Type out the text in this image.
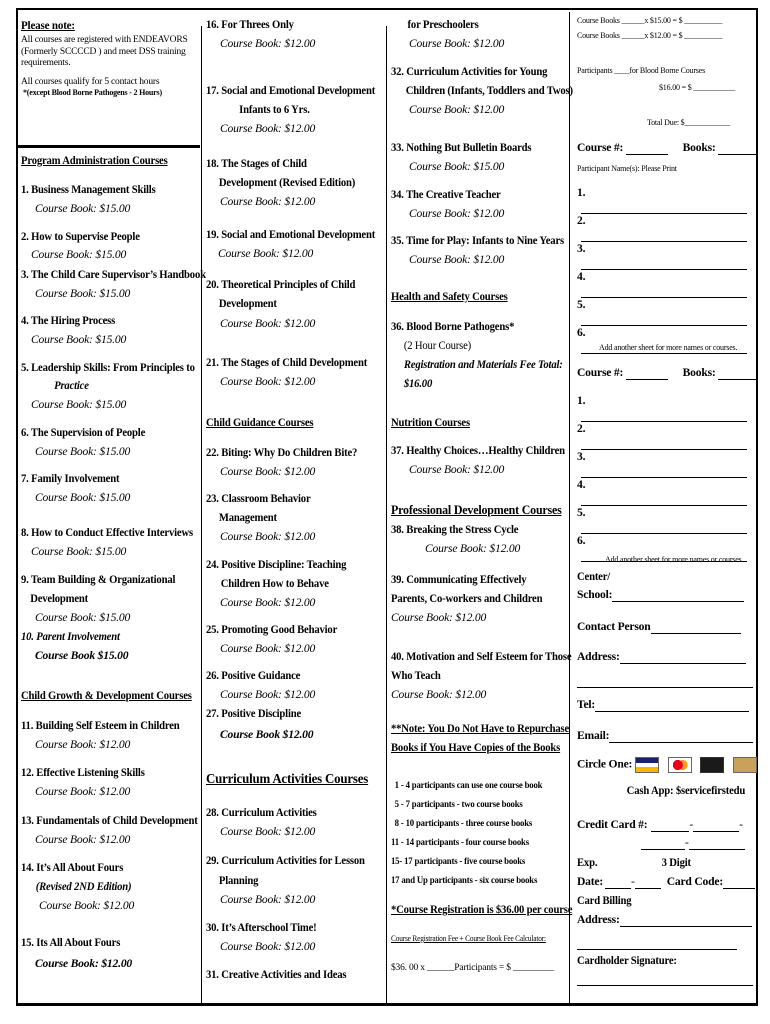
Please note:
All courses are registered with ENDEAVORS
(Formerly SCCCCD ) and meet DSS training
requirements.
All courses qualify for 5 contact hours
*(except Blood Borne Pathogens - 2 Hours)
Program Administration Courses
1. Business Management Skills
Course Book: $15.00
2. How to Supervise People
Course Book: $15.00
3. The Child Care Supervisor’s Handbook
Course Book: $15.00
4. The Hiring Process
Course Book: $15.00
5. Leadership Skills: From Principles to
Practice
Course Book: $15.00
6. The Supervision of People
Course Book: $15.00
7. Family Involvement
Course Book: $15.00
8. How to Conduct Effective Interviews
Course Book: $15.00
9. Team Building & Organizational
Development
Course Book: $15.00
10. Parent Involvement
Course Book $15.00
Child Growth & Development Courses
11. Building Self Esteem in Children
Course Book: $12.00
12. Effective Listening Skills
Course Book: $12.00
13. Fundamentals of Child Development
Course Book: $12.00
14. It’s All About Fours
(Revised 2ND Edition)
Course Book: $12.00
15. Its All About Fours
Course Book: $12.00
16. For Threes Only
Course Book: $12.00
17. Social and Emotional Development
Infants to 6 Yrs.
Course Book: $12.00
18. The Stages of Child
Development (Revised Edition)
Course Book: $12.00
19. Social and Emotional Development
Course Book: $12.00
20. Theoretical Principles of Child
Development
Course Book: $12.00
21. The Stages of Child Development
Course Book: $12.00
Child Guidance Courses
22. Biting: Why Do Children Bite?
Course Book: $12.00
23. Classroom Behavior
Management
Course Book: $12.00
24. Positive Discipline: Teaching
Children How to Behave
Course Book: $12.00
25. Promoting Good Behavior
Course Book: $12.00
26. Positive Guidance
Course Book: $12.00
27. Positive Discipline
Course Book $12.00
Curriculum Activities Courses
28. Curriculum Activities
Course Book: $12.00
29. Curriculum Activities for Lesson
Planning
Course Book: $12.00
30. It’s Afterschool Time!
Course Book: $12.00
31. Creative Activities and Ideas
for Preschoolers
Course Book: $12.00
32. Curriculum Activities for Young
Children (Infants, Toddlers and Twos)
Course Book: $12.00
33. Nothing But Bulletin Boards
Course Book: $15.00
34. The Creative Teacher
Course Book: $12.00
35. Time for Play: Infants to Nine Years
Course Book: $12.00
Health and Safety Courses
36. Blood Borne Pathogens*
(2 Hour Course)
Registration and Materials Fee Total:
$16.00
Nutrition Courses
37. Healthy Choices…Healthy Children
Course Book: $12.00
Professional Development Courses
38. Breaking the Stress Cycle
Course Book: $12.00
39. Communicating Effectively
Parents, Co-workers and Children
Course Book: $12.00
40. Motivation and Self Esteem for Those
Who Teach
Course Book: $12.00
**Note: You Do Not Have to Repurchase
Books if You Have Copies of the Books
1 - 4 participants can use one course book
5 - 7 participants - two course books
8 - 10 participants - three course books
11 - 14 participants - four course books
15- 17 participants - five course books
17 and Up participants - six course books
*Course Registration is $36.00 per course
Course Registration Fee + Course Book Fee Calculator:
$36. 00 x ______Participants = $ _________
Course Books ______x $15.00 = $ __________
Course Books ______x $12.00 = $ __________
Participants ____for Blood Borne Courses
$16.00 = $ ___________
Total Due: $____________
Course #:	Books:
Participant Name(s): Please Print
1.
2.
3.
4.
5.
6.
Add another sheet for more names or courses.
Course #:	Books:
1.
2.
3.
4.
5.
6.
Add another sheet for more names or courses.
Center/
School:
Contact Person
Address:
Tel:
Email:
Circle One:
Cash App: $servicefirstedu
Credit Card #:	-	-
-
Exp.	3 Digit
Date: -	Card Code:
Card Billing
Address:
Cardholder Signature:
